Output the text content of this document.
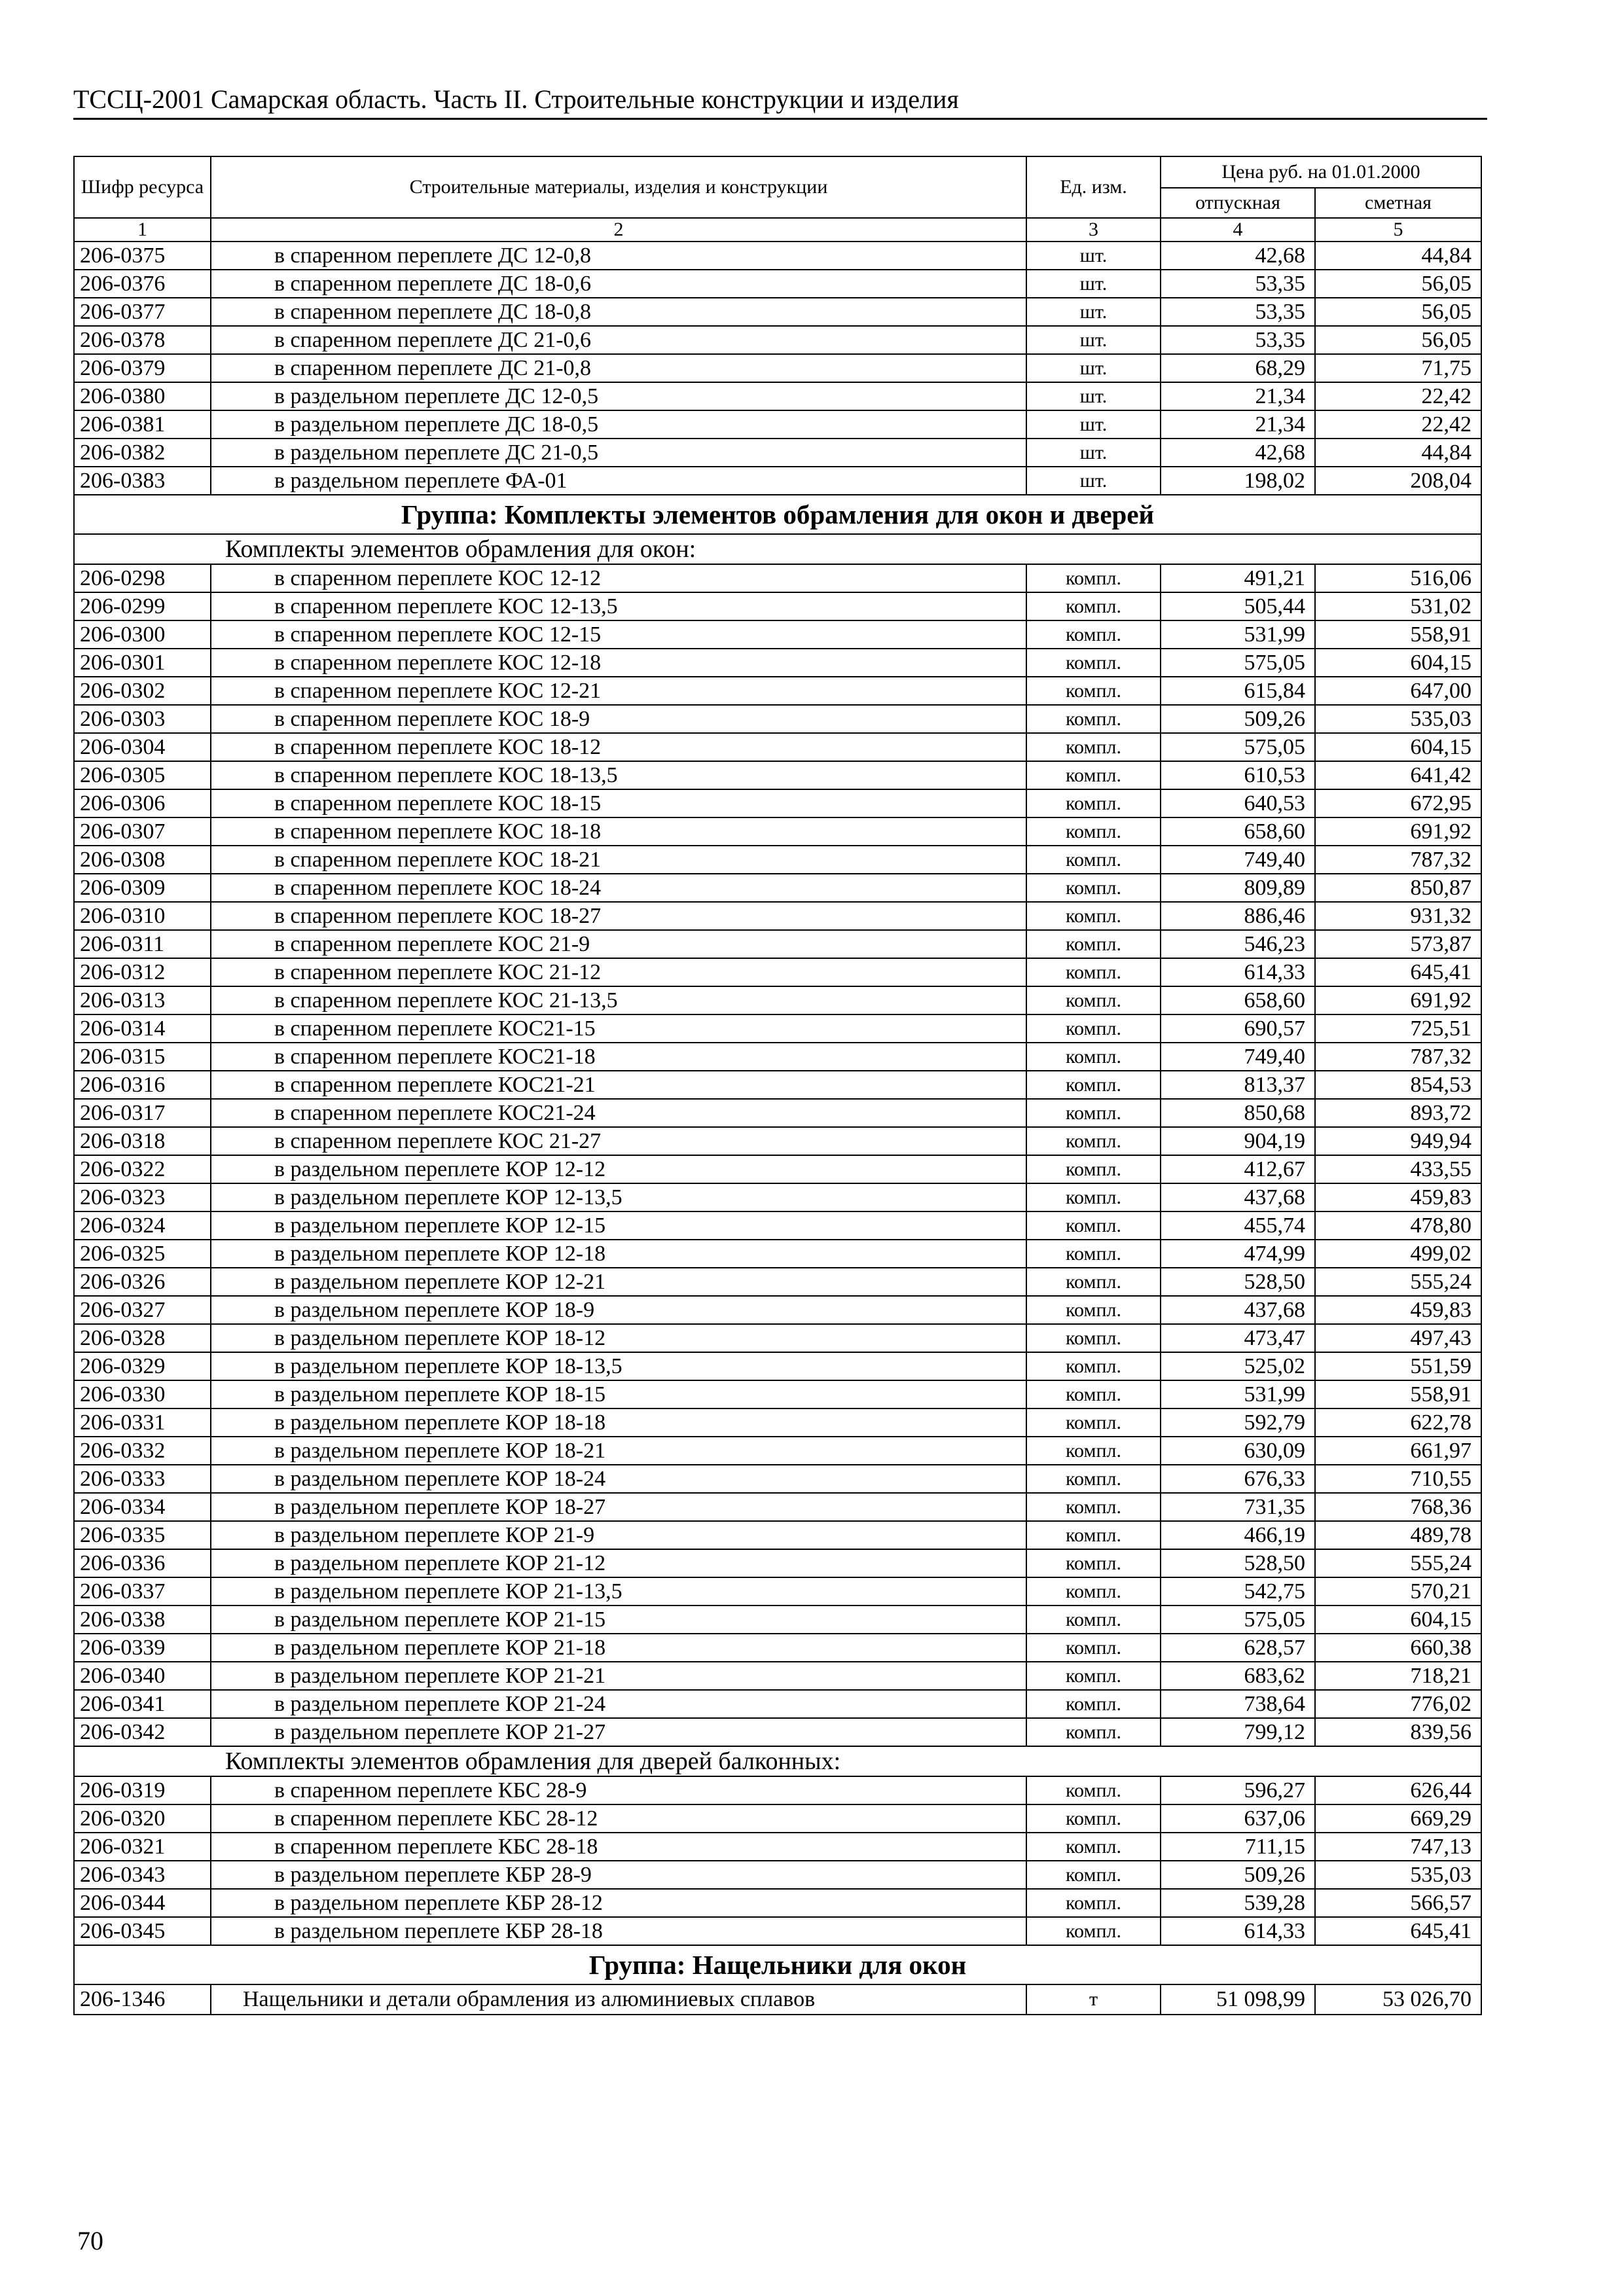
ТССЦ-2001 Самарская область. Часть II. Строительные конструкции и изделия
Шифр ресурса	Строительные материалы, изделия и конструкции	Ед. изм.	Цена руб. на 01.01.2000	
			отпускная	сметная
1	2	3	4	5
206-0375	в спаренном переплете ДС 12-0,8	шт.	42,68	44,84
206-0376	в спаренном переплете ДС 18-0,6	шт.	53,35	56,05
206-0377	в спаренном переплете ДС 18-0,8	шт.	53,35	56,05
206-0378	в спаренном переплете ДС 21-0,6	шт.	53,35	56,05
206-0379	в спаренном переплете ДС 21-0,8	шт.	68,29	71,75
206-0380	в раздельном переплете ДС 12-0,5	шт.	21,34	22,42
206-0381	в раздельном переплете ДС 18-0,5	шт.	21,34	22,42
206-0382	в раздельном переплете ДС 21-0,5	шт.	42,68	44,84
206-0383	в раздельном переплете ФА-01	шт.	198,02	208,04
Группа: Комплекты элементов обрамления для окон и дверей				
Комплекты элементов обрамления для окон:				
206-0298	в спаренном переплете КОС 12-12	компл.	491,21	516,06
206-0299	в спаренном переплете КОС 12-13,5	компл.	505,44	531,02
206-0300	в спаренном переплете КОС 12-15	компл.	531,99	558,91
206-0301	в спаренном переплете КОС 12-18	компл.	575,05	604,15
206-0302	в спаренном переплете КОС 12-21	компл.	615,84	647,00
206-0303	в спаренном переплете КОС 18-9	компл.	509,26	535,03
206-0304	в спаренном переплете КОС 18-12	компл.	575,05	604,15
206-0305	в спаренном переплете КОС 18-13,5	компл.	610,53	641,42
206-0306	в спаренном переплете КОС 18-15	компл.	640,53	672,95
206-0307	в спаренном переплете КОС 18-18	компл.	658,60	691,92
206-0308	в спаренном переплете КОС 18-21	компл.	749,40	787,32
206-0309	в спаренном переплете КОС 18-24	компл.	809,89	850,87
206-0310	в спаренном переплете КОС 18-27	компл.	886,46	931,32
206-0311	в спаренном переплете КОС 21-9	компл.	546,23	573,87
206-0312	в спаренном переплете КОС 21-12	компл.	614,33	645,41
206-0313	в спаренном переплете КОС 21-13,5	компл.	658,60	691,92
206-0314	в спаренном переплете КОС21-15	компл.	690,57	725,51
206-0315	в спаренном переплете КОС21-18	компл.	749,40	787,32
206-0316	в спаренном переплете КОС21-21	компл.	813,37	854,53
206-0317	в спаренном переплете КОС21-24	компл.	850,68	893,72
206-0318	в спаренном переплете КОС 21-27	компл.	904,19	949,94
206-0322	в раздельном переплете КОР 12-12	компл.	412,67	433,55
206-0323	в раздельном переплете КОР 12-13,5	компл.	437,68	459,83
206-0324	в раздельном переплете КОР 12-15	компл.	455,74	478,80
206-0325	в раздельном переплете КОР 12-18	компл.	474,99	499,02
206-0326	в раздельном переплете КОР 12-21	компл.	528,50	555,24
206-0327	в раздельном переплете КОР 18-9	компл.	437,68	459,83
206-0328	в раздельном переплете КОР 18-12	компл.	473,47	497,43
206-0329	в раздельном переплете КОР 18-13,5	компл.	525,02	551,59
206-0330	в раздельном переплете КОР 18-15	компл.	531,99	558,91
206-0331	в раздельном переплете КОР 18-18	компл.	592,79	622,78
206-0332	в раздельном переплете КОР 18-21	компл.	630,09	661,97
206-0333	в раздельном переплете КОР 18-24	компл.	676,33	710,55
206-0334	в раздельном переплете КОР 18-27	компл.	731,35	768,36
206-0335	в раздельном переплете КОР 21-9	компл.	466,19	489,78
206-0336	в раздельном переплете КОР 21-12	компл.	528,50	555,24
206-0337	в раздельном переплете КОР 21-13,5	компл.	542,75	570,21
206-0338	в раздельном переплете КОР 21-15	компл.	575,05	604,15
206-0339	в раздельном переплете КОР 21-18	компл.	628,57	660,38
206-0340	в раздельном переплете КОР 21-21	компл.	683,62	718,21
206-0341	в раздельном переплете КОР 21-24	компл.	738,64	776,02
206-0342	в раздельном переплете КОР 21-27	компл.	799,12	839,56
Комплекты элементов обрамления для дверей балконных:				
206-0319	в спаренном переплете КБС 28-9	компл.	596,27	626,44
206-0320	в спаренном переплете КБС 28-12	компл.	637,06	669,29
206-0321	в спаренном переплете КБС 28-18	компл.	711,15	747,13
206-0343	в раздельном переплете КБР 28-9	компл.	509,26	535,03
206-0344	в раздельном переплете КБР 28-12	компл.	539,28	566,57
206-0345	в раздельном переплете КБР 28-18	компл.	614,33	645,41
Группа: Нащельники для окон				
206-1346	Нащельники и детали обрамления из алюминиевых сплавов	т	51 098,99	53 026,70
70
